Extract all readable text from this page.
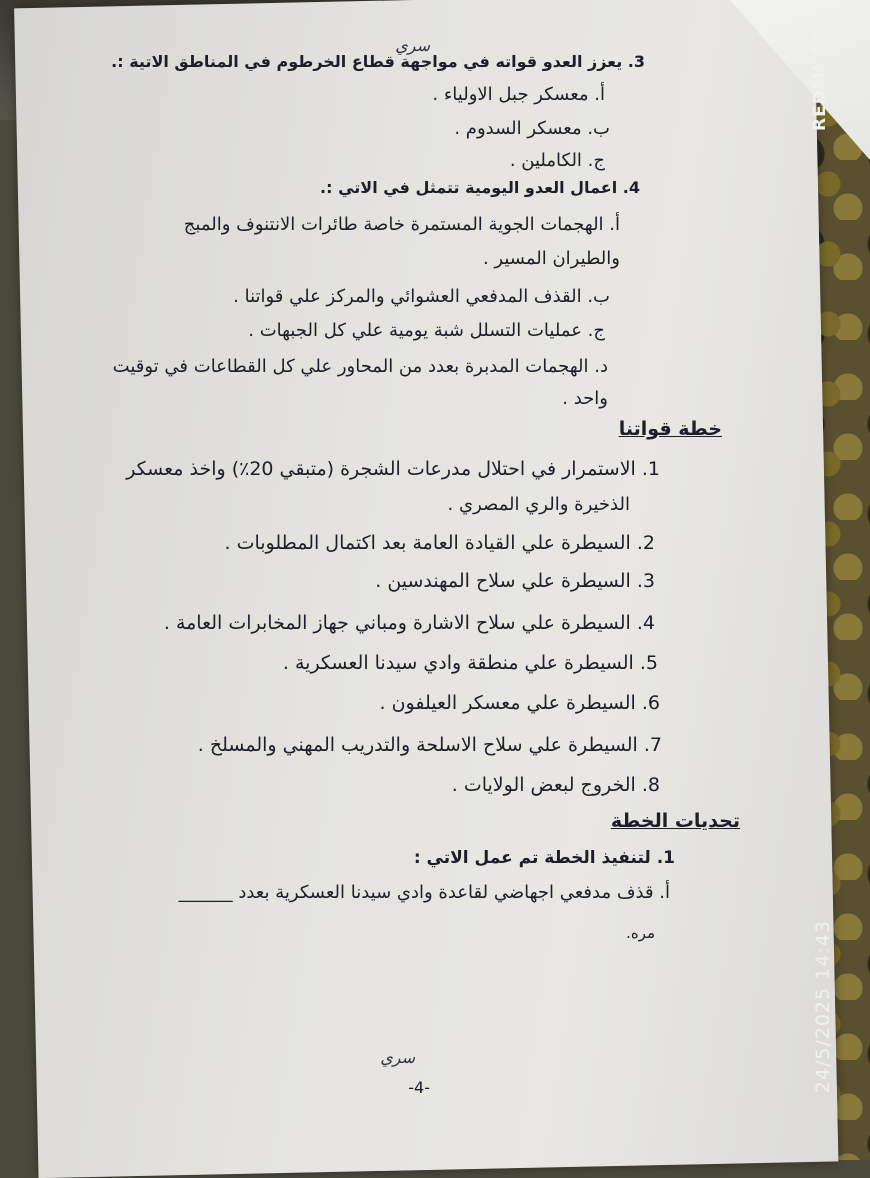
سري
3. يعزز العدو قواته في مواجهة قطاع الخرطوم في المناطق الاتية :.
أ. معسكر جبل الاولياء .
ب. معسكر السدوم .
ج. الكاملين .
4. اعمال العدو اليومية تتمثل في الاتي :.
أ. الهجمات الجوية المستمرة خاصة طائرات الانتنوف والمبج
والطيران المسير .
ب. القذف المدفعي العشوائي والمركز علي قواتنا .
ج. عمليات التسلل شبة يومية علي كل الجبهات .
د. الهجمات المدبرة بعدد من المحاور علي كل القطاعات في توقيت
واحد .
خطة قواتنا
1. الاستمرار في احتلال مدرعات الشجرة (متبقي 20٪) واخذ معسكر
الذخيرة والري المصري .
2. السيطرة علي القيادة العامة بعد اكتمال المطلوبات .
3. السيطرة علي سلاح المهندسين .
4. السيطرة علي سلاح الاشارة ومباني جهاز المخابرات العامة .
5. السيطرة علي منطقة وادي سيدنا العسكرية .
6. السيطرة علي معسكر العيلفون .
7. السيطرة علي سلاح الاسلحة والتدريب المهني والمسلخ .
8. الخروج لبعض الولايات .
تحديات الخطة
1. لتنفيذ الخطة تم عمل الاتي :
أ. قذف مدفعي اجهاضي لقاعدة وادي سيدنا العسكرية بعدد ______
مره.
سري
-4-
REDMI A3
24/5/2025 14:43
